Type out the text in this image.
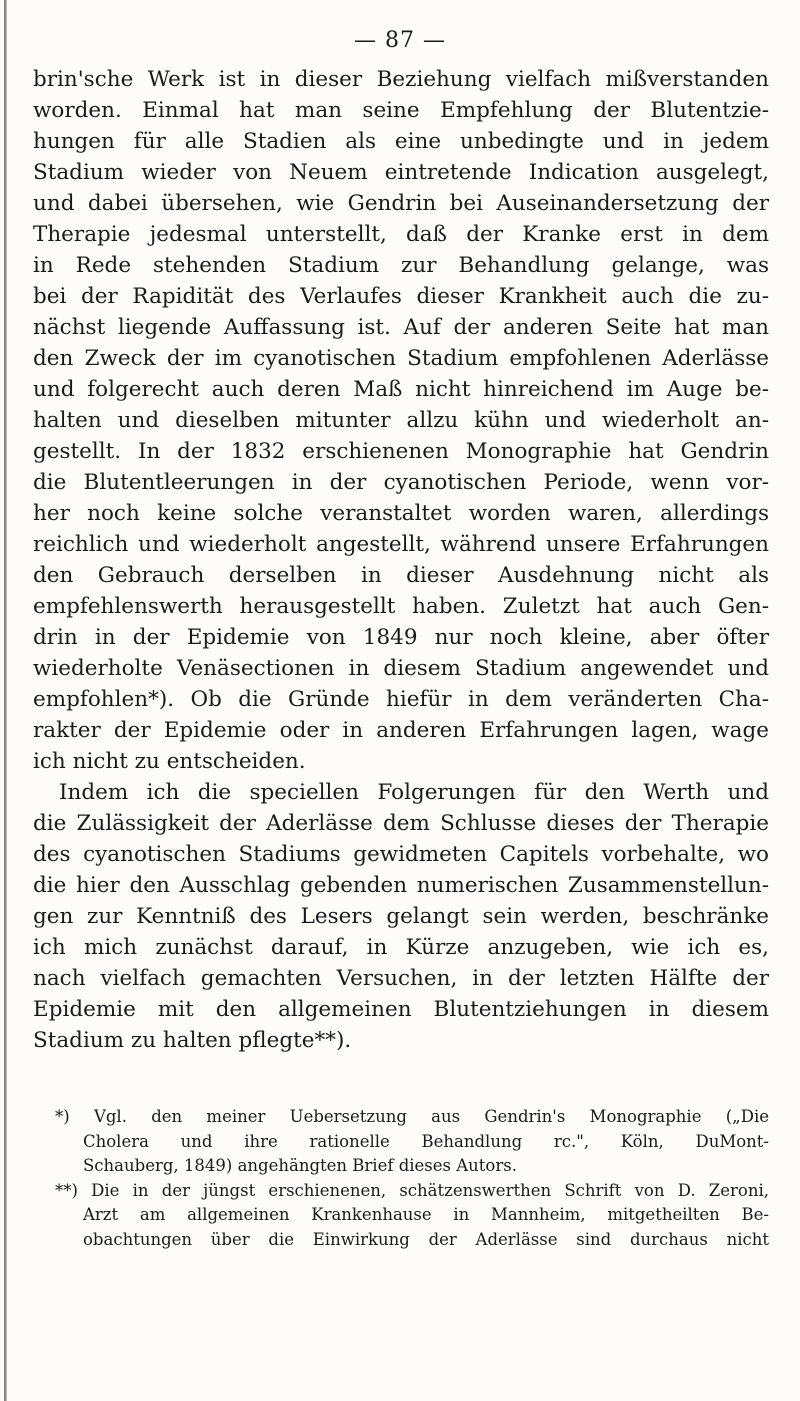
— 87 —
brin'sche Werk ist in dieser Beziehung vielfach mißverstanden
worden. Einmal hat man seine Empfehlung der Blutentzie-
hungen für alle Stadien als eine unbedingte und in jedem
Stadium wieder von Neuem eintretende Indication ausgelegt,
und dabei übersehen, wie Gendrin bei Auseinandersetzung der
Therapie jedesmal unterstellt, daß der Kranke erst in dem
in Rede stehenden Stadium zur Behandlung gelange, was
bei der Rapidität des Verlaufes dieser Krankheit auch die zu-
nächst liegende Auffassung ist. Auf der anderen Seite hat man
den Zweck der im cyanotischen Stadium empfohlenen Aderlässe
und folgerecht auch deren Maß nicht hinreichend im Auge be-
halten und dieselben mitunter allzu kühn und wiederholt an-
gestellt. In der 1832 erschienenen Monographie hat Gendrin
die Blutentleerungen in der cyanotischen Periode, wenn vor-
her noch keine solche veranstaltet worden waren, allerdings
reichlich und wiederholt angestellt, während unsere Erfahrungen
den Gebrauch derselben in dieser Ausdehnung nicht als
empfehlenswerth herausgestellt haben. Zuletzt hat auch Gen-
drin in der Epidemie von 1849 nur noch kleine, aber öfter
wiederholte Venäsectionen in diesem Stadium angewendet und
empfohlen*). Ob die Gründe hiefür in dem veränderten Cha-
rakter der Epidemie oder in anderen Erfahrungen lagen, wage
ich nicht zu entscheiden.
Indem ich die speciellen Folgerungen für den Werth und
die Zulässigkeit der Aderlässe dem Schlusse dieses der Therapie
des cyanotischen Stadiums gewidmeten Capitels vorbehalte, wo
die hier den Ausschlag gebenden numerischen Zusammenstellun-
gen zur Kenntniß des Lesers gelangt sein werden, beschränke
ich mich zunächst darauf, in Kürze anzugeben, wie ich es,
nach vielfach gemachten Versuchen, in der letzten Hälfte der
Epidemie mit den allgemeinen Blutentziehungen in diesem
Stadium zu halten pflegte**).
*) Vgl. den meiner Uebersetzung aus Gendrin's Monographie („Die
Cholera und ihre rationelle Behandlung rc.", Köln, DuMont-
Schauberg, 1849) angehängten Brief dieses Autors.
**) Die in der jüngst erschienenen, schätzenswerthen Schrift von D. Zeroni,
Arzt am allgemeinen Krankenhause in Mannheim, mitgetheilten Be-
obachtungen über die Einwirkung der Aderlässe sind durchaus nicht
